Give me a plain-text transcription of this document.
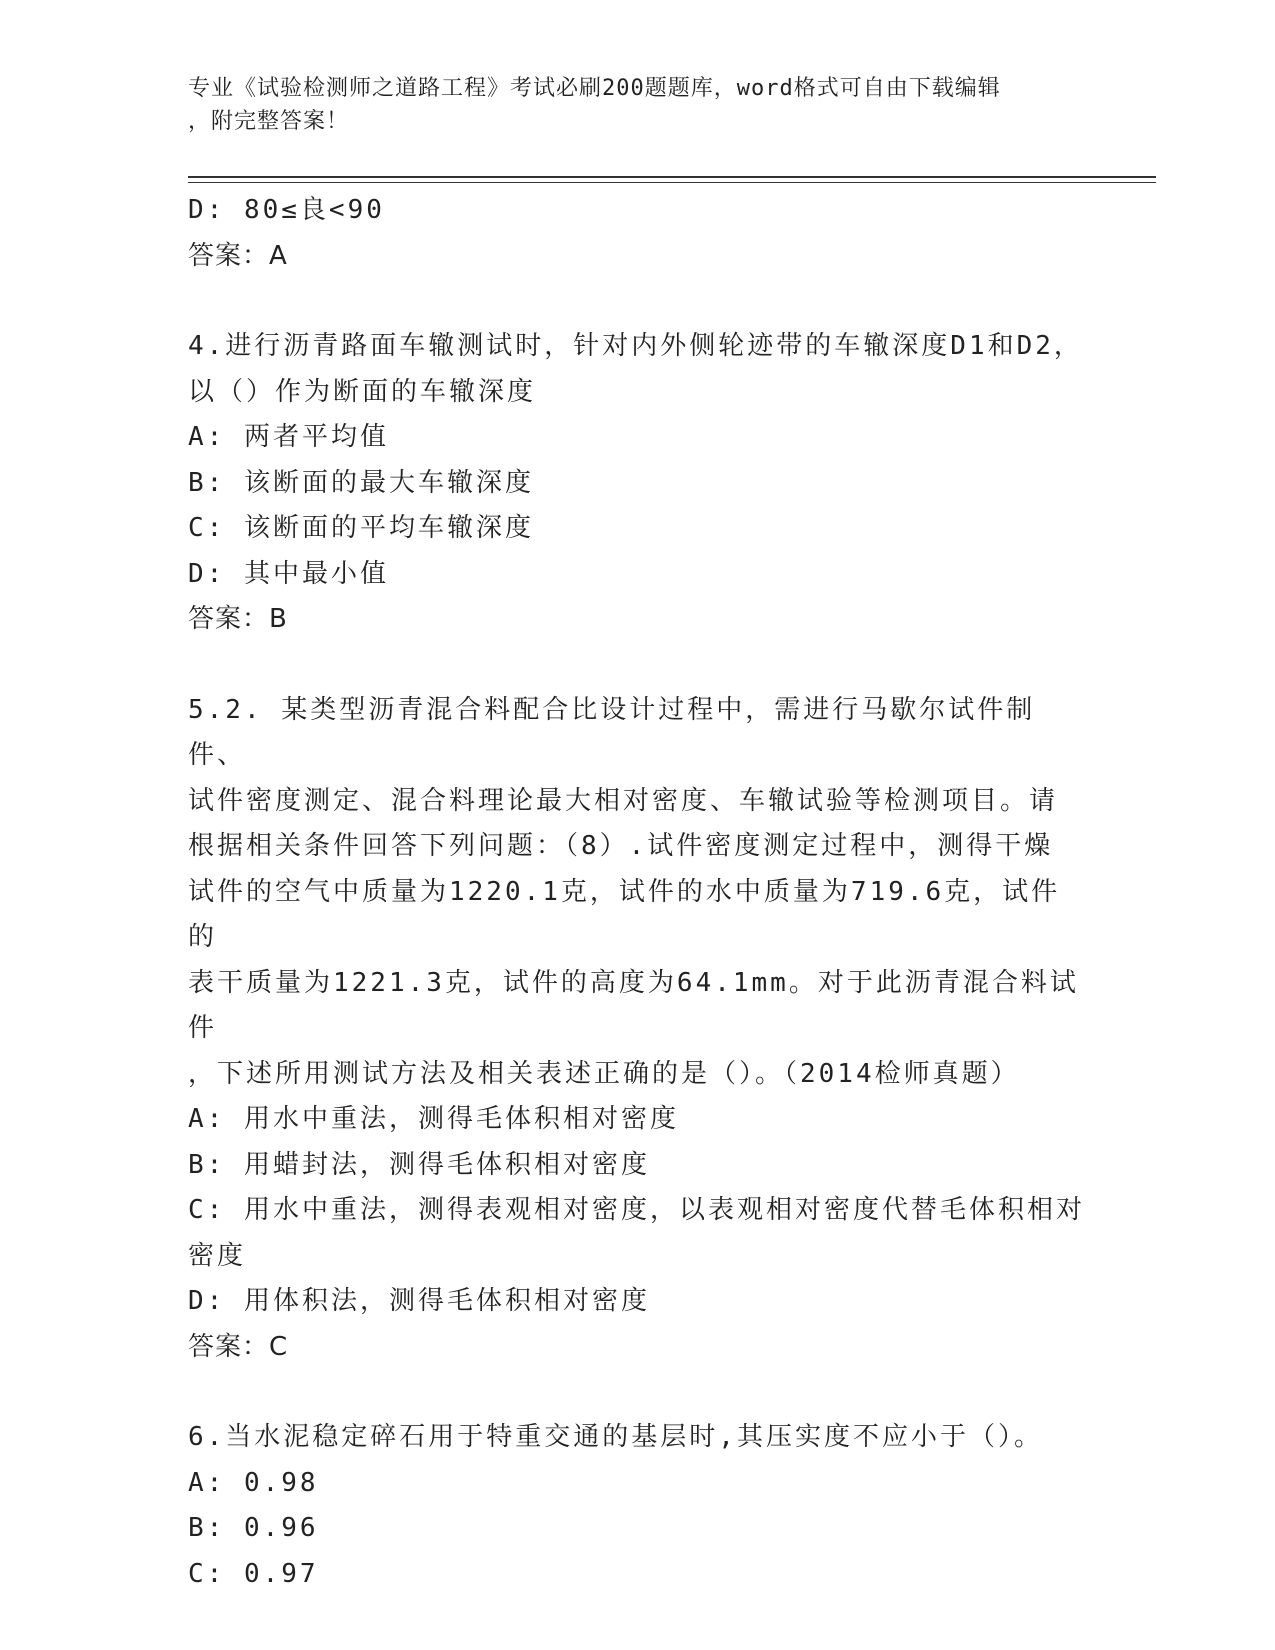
专业《试验检测师之道路工程》考试必刷200题题库，word格式可自由下载编辑
，附完整答案！
D: 80≤良<90
答案：A
4.进行沥青路面车辙测试时，针对内外侧轮迹带的车辙深度D1和D2，
以（）作为断面的车辙深度
A: 两者平均值
B: 该断面的最大车辙深度
C: 该断面的平均车辙深度
D: 其中最小值
答案：B
5.2. 某类型沥青混合料配合比设计过程中，需进行马歇尔试件制件、
试件密度测定、混合料理论最大相对密度、车辙试验等检测项目。请
根据相关条件回答下列问题：（8）.试件密度测定过程中，测得干燥
试件的空气中质量为1220.1克，试件的水中质量为719.6克，试件的
表干质量为1221.3克，试件的高度为64.1mm。对于此沥青混合料试件
，下述所用测试方法及相关表述正确的是（）。（2014检师真题）
A: 用水中重法，测得毛体积相对密度
B: 用蜡封法，测得毛体积相对密度
C: 用水中重法，测得表观相对密度，以表观相对密度代替毛体积相对
密度
D: 用体积法，测得毛体积相对密度
答案：C
6.当水泥稳定碎石用于特重交通的基层时,其压实度不应小于（）。
A: 0.98
B: 0.96
C: 0.97
